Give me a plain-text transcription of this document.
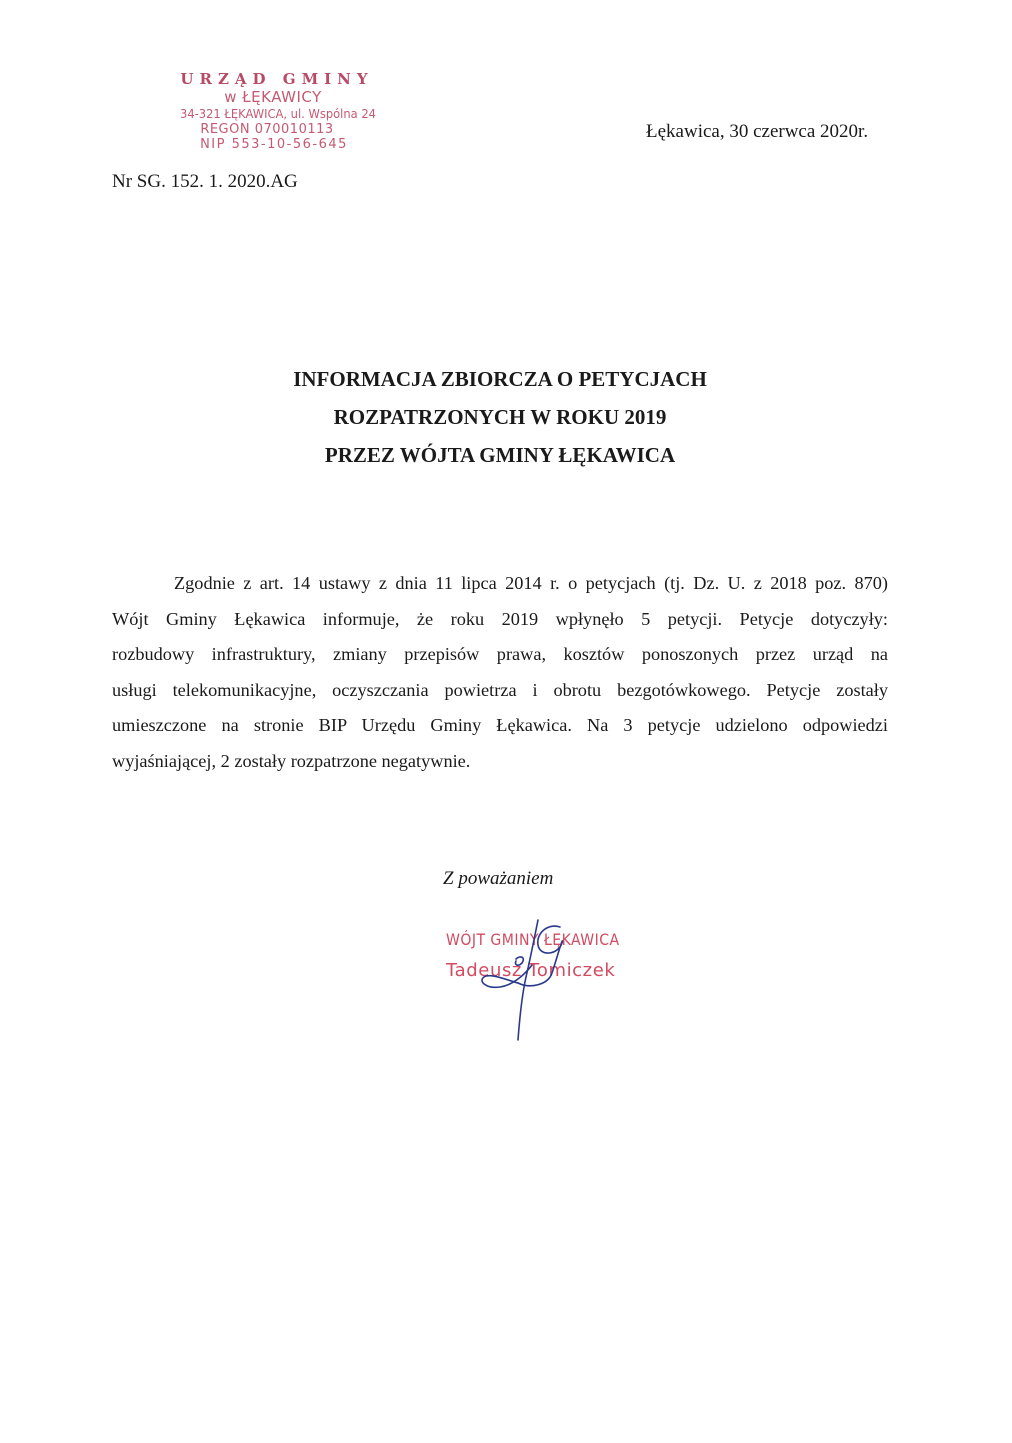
URZĄD GMINY
w ŁĘKAWICY
34-321 ŁĘKAWICA, ul. Wspólna 24
REGON 070010113
NIP 553-10-56-645
Łękawica, 30 czerwca 2020r.
Nr SG. 152. 1. 2020.AG
INFORMACJA ZBIORCZA O PETYCJACH
ROZPATRZONYCH W ROKU 2019
PRZEZ WÓJTA GMINY ŁĘKAWICA
Zgodnie z art. 14 ustawy z dnia 11 lipca 2014 r. o petycjach (tj. Dz. U. z 2018 poz. 870)
Wójt Gminy Łękawica informuje, że roku 2019 wpłynęło 5 petycji. Petycje dotyczyły:
rozbudowy infrastruktury, zmiany przepisów prawa, kosztów ponoszonych przez urząd na
usługi telekomunikacyjne, oczyszczania powietrza i obrotu bezgotówkowego. Petycje zostały
umieszczone na stronie BIP Urzędu Gminy Łękawica. Na 3 petycje udzielono odpowiedzi
wyjaśniającej, 2 zostały rozpatrzone negatywnie.
Z poważaniem
WÓJT GMINY ŁĘKAWICA
Tadeusz Tomiczek
